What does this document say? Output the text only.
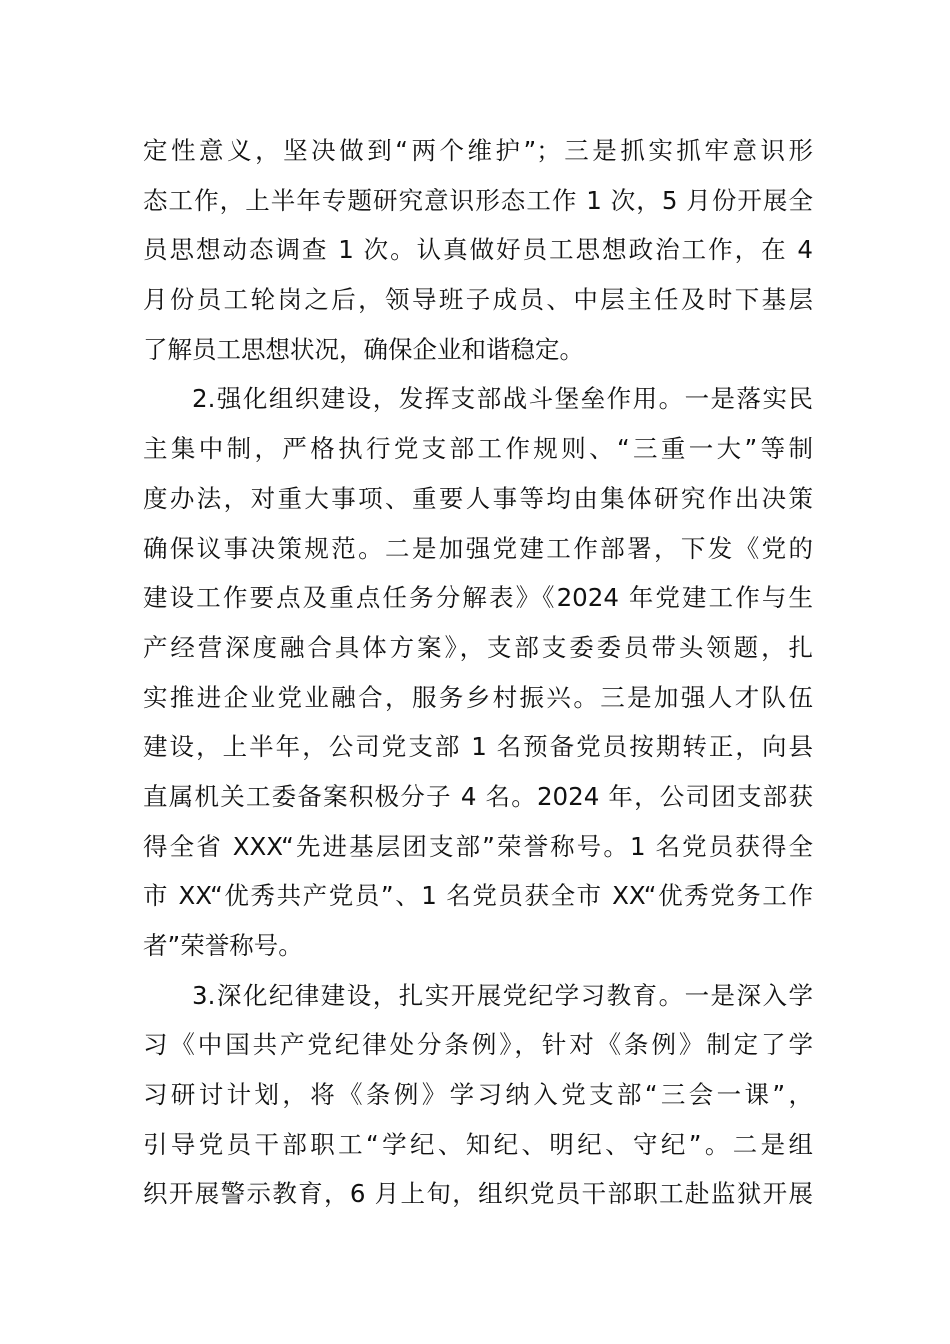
定性意义，坚决做到“两个维护”；三是抓实抓牢意识形
态工作，上半年专题研究意识形态工作 1 次，5 月份开展全
员思想动态调查 1 次。认真做好员工思想政治工作，在 4
月份员工轮岗之后，领导班子成员、中层主任及时下基层
了解员工思想状况，确保企业和谐稳定。
2.强化组织建设，发挥支部战斗堡垒作用。一是落实民
主集中制，严格执行党支部工作规则、“三重一大”等制
度办法，对重大事项、重要人事等均由集体研究作出决策
确保议事决策规范。二是加强党建工作部署，下发《党的
建设工作要点及重点任务分解表》《2024 年党建工作与生
产经营深度融合具体方案》，支部支委委员带头领题，扎
实推进企业党业融合，服务乡村振兴。三是加强人才队伍
建设，上半年，公司党支部 1 名预备党员按期转正，向县
直属机关工委备案积极分子 4 名。2024 年，公司团支部获
得全省 XXX“先进基层团支部”荣誉称号。1 名党员获得全
市 XX“优秀共产党员”、1 名党员获全市 XX“优秀党务工作
者”荣誉称号。
3.深化纪律建设，扎实开展党纪学习教育。一是深入学
习《中国共产党纪律处分条例》，针对《条例》制定了学
习研讨计划，将《条例》学习纳入党支部“三会一课”，
引导党员干部职工“学纪、知纪、明纪、守纪”。二是组
织开展警示教育，6 月上旬，组织党员干部职工赴监狱开展
